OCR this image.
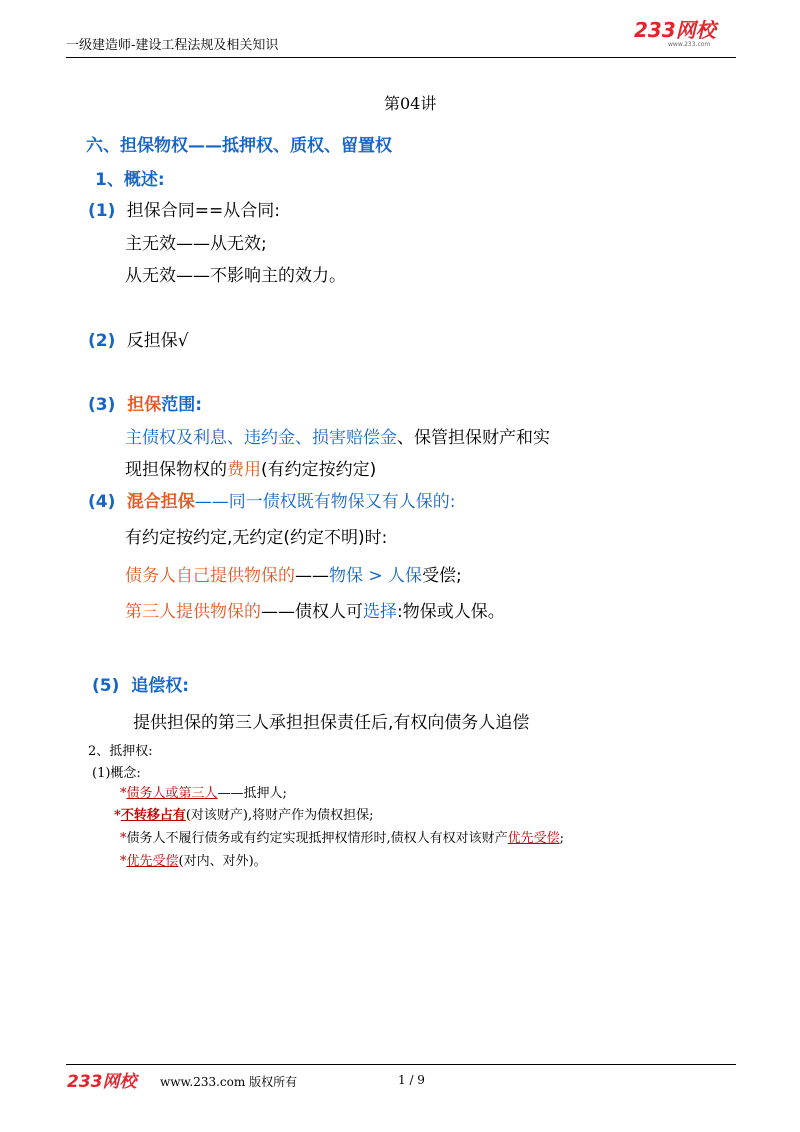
一级建造师-建设工程法规及相关知识
233网校
www.233.com
第04讲
六、担保物权——抵押权、质权、留置权
1、概述:
(1) 担保合同==从合同:
主无效——从无效;
从无效——不影响主的效力。
(2) 反担保√
(3) 担保范围:
主债权及利息、违约金、损害赔偿金、保管担保财产和实
现担保物权的费用(有约定按约定)
(4) 混合担保——同一债权既有物保又有人保的:
有约定按约定,无约定(约定不明)时:
债务人自己提供物保的——物保 > 人保受偿;
第三人提供物保的——债权人可选择:物保或人保。
(5) 追偿权:
提供担保的第三人承担担保责任后,有权向债务人追偿
2、抵押权:
(1)概念:
*债务人或第三人——抵押人;
*不转移占有(对该财产),将财产作为债权担保;
*债务人不履行债务或有约定实现抵押权情形时,债权人有权对该财产优先受偿;
*优先受偿(对内、对外)。
233网校 www.233.com 版权所有	1 / 9
